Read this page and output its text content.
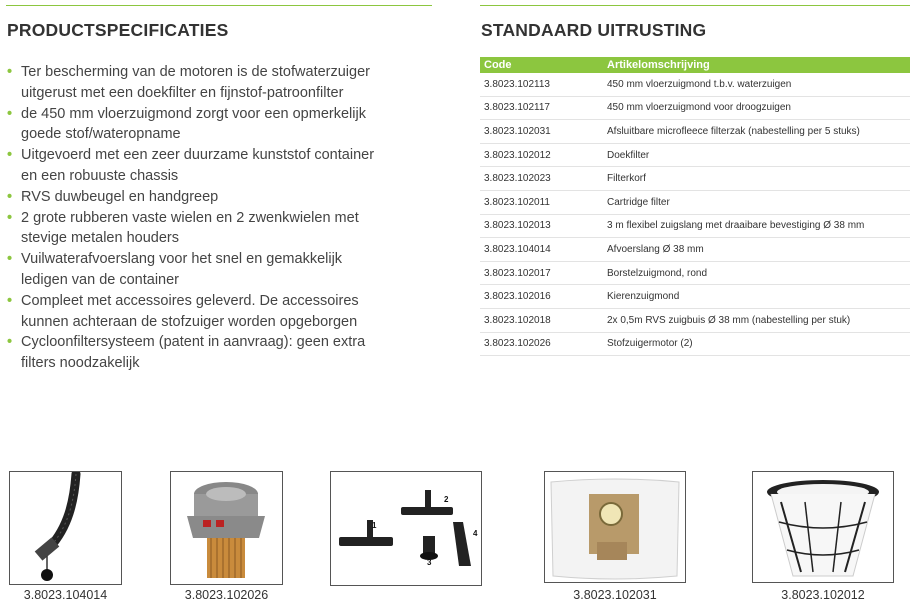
PRODUCTSPECIFICATIES
• Ter bescherming van de motoren is de stofwaterzuiger
uitgerust met een doekfilter en fijnstof-patroonfilter
• de 450 mm vloerzuigmond zorgt voor een opmerkelijk
goede stof/wateropname
• Uitgevoerd met een zeer duurzame kunststof container
en een robuuste chassis
• RVS duwbeugel en handgreep
• 2 grote rubberen vaste wielen en 2 zwenkwielen met
stevige metalen houders
• Vuilwaterafvoerslang voor het snel en gemakkelijk
ledigen van de container
• Compleet met accessoires geleverd. De accessoires
kunnen achteraan de stofzuiger worden opgeborgen
• Cycloonfiltersysteem (patent in aanvraag): geen extra
filters noodzakelijk
STANDAARD UITRUSTING
Code	Artikelomschrijving
3.8023.102113	450 mm vloerzuigmond t.b.v. waterzuigen
3.8023.102117	450 mm vloerzuigmond voor droogzuigen
3.8023.102031	Afsluitbare microfleece filterzak (nabestelling per 5 stuks)
3.8023.102012	Doekfilter
3.8023.102023	Filterkorf
3.8023.102011	Cartridge filter
3.8023.102013	3 m flexibel zuigslang met draaibare bevestiging Ø 38 mm
3.8023.104014	Afvoerslang Ø 38 mm
3.8023.102017	Borstelzuigmond, rond
3.8023.102016	Kierenzuigmond
3.8023.102018	2x 0,5m RVS zuigbuis Ø 38 mm (nabestelling per stuk)
3.8023.102026	Stofzuigermotor (2)
3.8023.104014	3.8023.102026
1
2
3
4
3.8023.102031	3.8023.102012
